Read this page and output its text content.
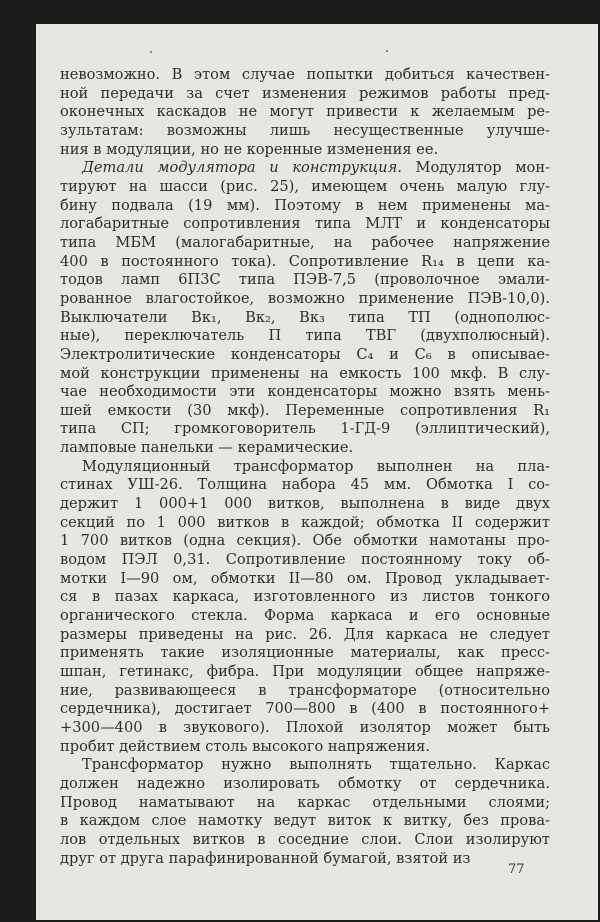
невозможно. В этом случае попытки добиться качествен-
ной передачи за счет изменения режимов работы пред-
оконечных каскадов не могут привести к желаемым ре-
зультатам: возможны лишь несущественные улучше-
ния в модуляции, но не коренные изменения ее.
Детали модулятора и конструкция. Модулятор мон-
тируют на шасси (рис. 25), имеющем очень малую глу-
бину подвала (19 мм). Поэтому в нем применены ма-
логабаритные сопротивления типа МЛТ и конденсаторы
типа МБМ (малогабаритные, на рабочее напряжение
400 в постоянного тока). Сопротивление R₁₄ в цепи ка-
тодов ламп 6П3С типа ПЭВ-7,5 (проволочное эмали-
рованное влагостойкое, возможно применение ПЭВ-10,0).
Выключатели Вк₁, Вк₂, Вк₃ типа ТП (однополюс-
ные), переключатель П типа ТВГ (двухполюсный).
Электролитические конденсаторы C₄ и C₆ в описывае-
мой конструкции применены на емкость 100 мкф. В слу-
чае необходимости эти конденсаторы можно взять мень-
шей емкости (30 мкф). Переменные сопротивления R₁
типа СП; громкоговоритель 1-ГД-9 (эллиптический),
ламповые панельки — керамические.
Модуляционный трансформатор выполнен на пла-
стинах УШ-26. Толщина набора 45 мм. Обмотка I со-
держит 1 000+1 000 витков, выполнена в виде двух
секций по 1 000 витков в каждой; обмотка II содержит
1 700 витков (одна секция). Обе обмотки намотаны про-
водом ПЭЛ 0,31. Сопротивление постоянному току об-
мотки I—90 ом, обмотки II—80 ом. Провод укладывает-
ся в пазах каркаса, изготовленного из листов тонкого
органического стекла. Форма каркаса и его основные
размеры приведены на рис. 26. Для каркаса не следует
применять такие изоляционные материалы, как пресс-
шпан, гетинакс, фибра. При модуляции общее напряже-
ние, развивающееся в трансформаторе (относительно
сердечника), достигает 700—800 в (400 в постоянного+
+300—400 в звукового). Плохой изолятор может быть
пробит действием столь высокого напряжения.
Трансформатор нужно выполнять тщательно. Каркас
должен надежно изолировать обмотку от сердечника.
Провод наматывают на каркас отдельными слоями;
в каждом слое намотку ведут виток к витку, без прова-
лов отдельных витков в соседние слои. Слои изолируют
друг от друга парафинированной бумагой, взятой из
77
